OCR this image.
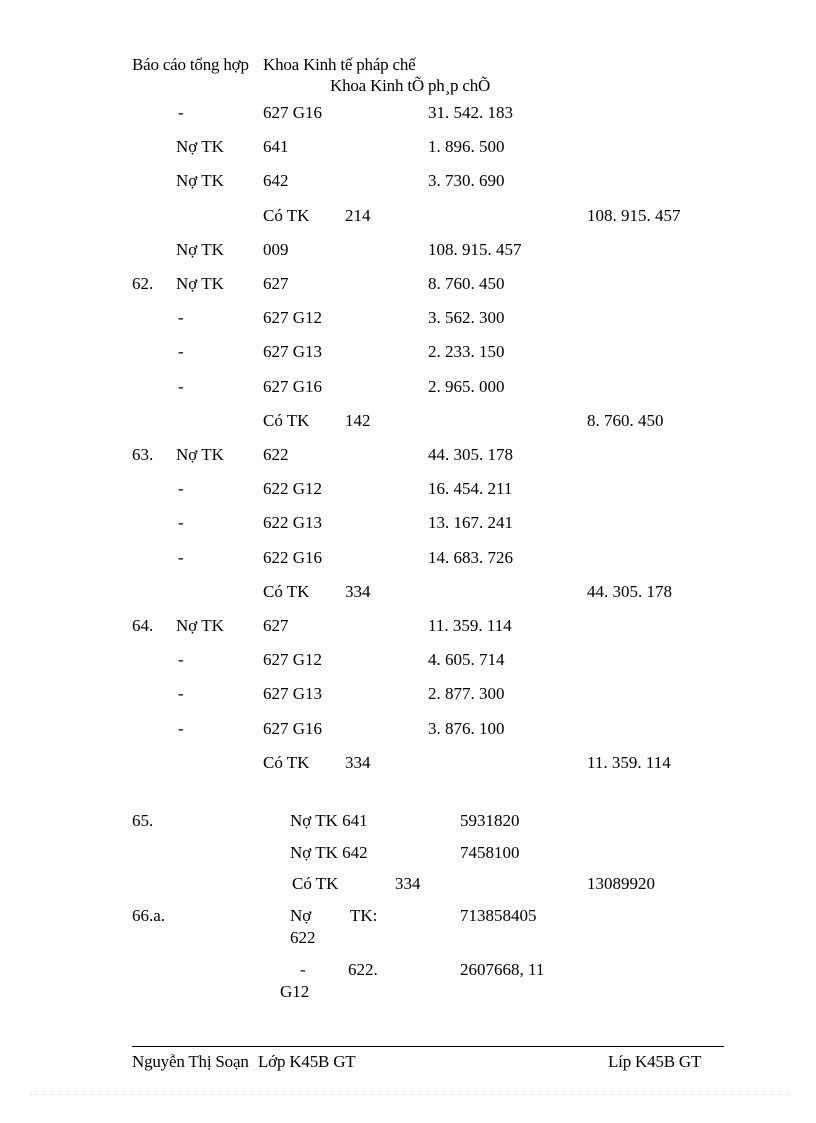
Báo cáo tổng hợp Khoa Kinh tế pháp chế
Khoa Kinh tÕ ph¸p chÕ
-	627 G16	31. 542. 183
Nợ TK 641	1. 896. 500
Nợ TK 642	3. 730. 690
Có TK 214	108. 915. 457
Nợ TK 009	108. 915. 457
62. Nợ TK 627	8. 760. 450
-	627 G12	3. 562. 300
-	627 G13	2. 233. 150
-	627 G16	2. 965. 000
Có TK 142	8. 760. 450
63. Nợ TK 622	44. 305. 178
-	622 G12	16. 454. 211
-	622 G13	13. 167. 241
-	622 G16	14. 683. 726
Có TK 334	44. 305. 178
64. Nợ TK 627	11. 359. 114
-	627 G12	4. 605. 714
-	627 G13	2. 877. 300
-	627 G16	3. 876. 100
Có TK 334	11. 359. 114
65.	Nợ TK 641	5931820
Nợ TK 642	7458100
Có TK	334	13089920
66.a.	Nợ TK:	713858405
622
- 622.	2607668, 11
G12
Nguyễn Thị Soạn Lớp K45B GT	Líp K45B GT
